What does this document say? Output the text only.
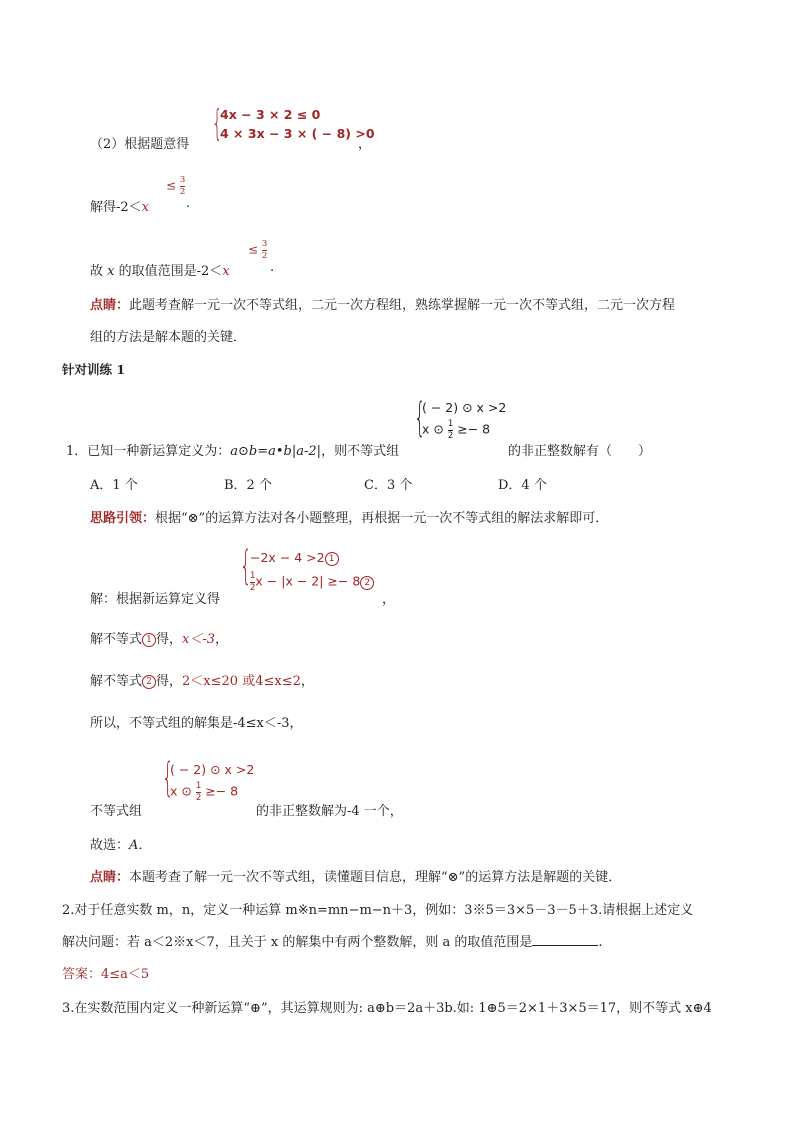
（2）根据题意得
{
4x − 3 × 2 ≤ 0
4 × 3x − 3 × ( − 8) >0
，
解得-2＜x
≤ $\frac{3}{2}$
.
故 x 的取值范围是-2＜x
≤ $\frac{3}{2}$
.
点睛：此题考查解一元一次不等式组，二元一次方程组，熟练掌握解一元一次不等式组，二元一次方程
组的方法是解本题的关键．
针对训练 1
1．已知一种新运算定义为：a⊙b=a•b|a-2|，则不等式组
{
( − 2) ⊙ x >2
x ⊙ $\frac{1}{2} \ge- 8$
的非正整数解有（　　）
A．1 个	B．2 个	C．3 个	D．4 个
思路引领：根据“⊗”的运算方法对各小题整理，再根据一元一次不等式组的解法求解即可．
解：根据新运算定义得
{
−2x − 4 >2 1
$\frac{1}{2}x - |x - 2| \ge- 8$ 2
，
解不等式 1 得，x＜-3，
解不等式 2 得，2＜x≤20 或4≤x≤2，
所以，不等式组的解集是-4≤x＜-3，
不等式组
{
( − 2) ⊙ x >2
x ⊙ $\frac{1}{2} \ge- 8$
的非正整数解为-4 一个，
故选：A．
点睛：本题考查了解一元一次不等式组，读懂题目信息，理解“⊗”的运算方法是解题的关键．
2.对于任意实数 m，n，定义一种运算 m※n=mn−m−n＋3，例如：3※5＝3×5－3－5＋3.请根据上述定义
解决问题：若 a＜2※x＜7，且关于 x 的解集中有两个整数解，则 a 的取值范围是	.
答案：4≤a＜5
3.在实数范围内定义一种新运算“⊕”，其运算规则为: a⊕b＝2a＋3b.如: 1⊕5＝2×1＋3×5＝17，则不等式 x⊕4
